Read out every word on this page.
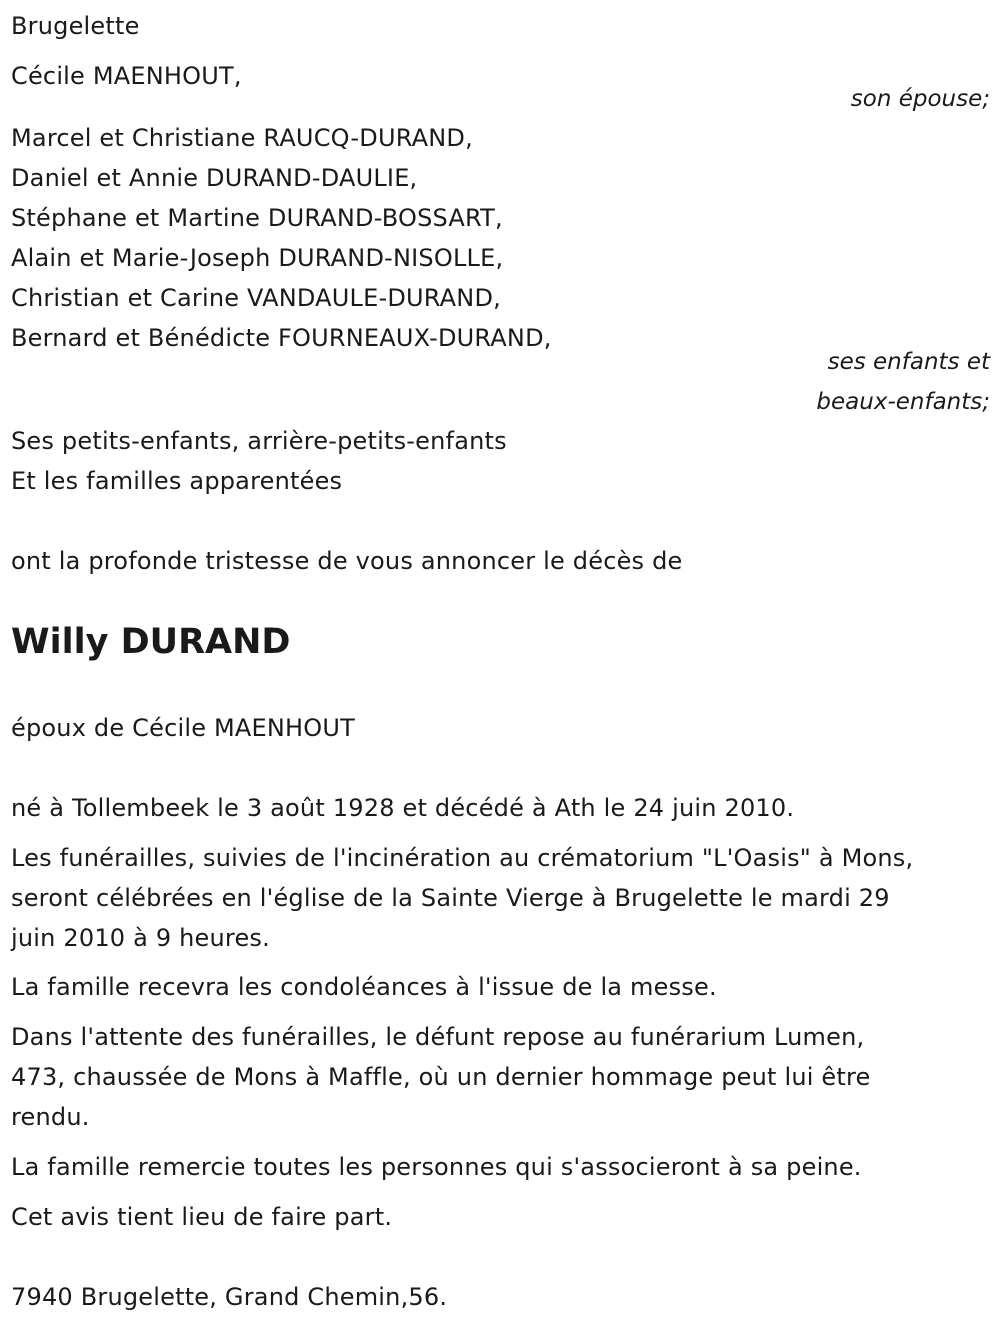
Brugelette
Cécile MAENHOUT,
son épouse;
Marcel et Christiane RAUCQ-DURAND,
Daniel et Annie DURAND-DAULIE,
Stéphane et Martine DURAND-BOSSART,
Alain et Marie-Joseph DURAND-NISOLLE,
Christian et Carine VANDAULE-DURAND,
Bernard et Bénédicte FOURNEAUX-DURAND,
ses enfants et
beaux-enfants;
Ses petits-enfants, arrière-petits-enfants
Et les familles apparentées
ont la profonde tristesse de vous annoncer le décès de
Willy DURAND
époux de Cécile MAENHOUT
né à Tollembeek le 3 août 1928 et décédé à Ath le 24 juin 2010.
Les funérailles, suivies de l'incinération au crématorium "L'Oasis" à Mons,
seront célébrées en l'église de la Sainte Vierge à Brugelette le mardi 29
juin 2010 à 9 heures.
La famille recevra les condoléances à l'issue de la messe.
Dans l'attente des funérailles, le défunt repose au funérarium Lumen,
473, chaussée de Mons à Maffle, où un dernier hommage peut lui être
rendu.
La famille remercie toutes les personnes qui s'associeront à sa peine.
Cet avis tient lieu de faire part.
7940 Brugelette, Grand Chemin,56.
